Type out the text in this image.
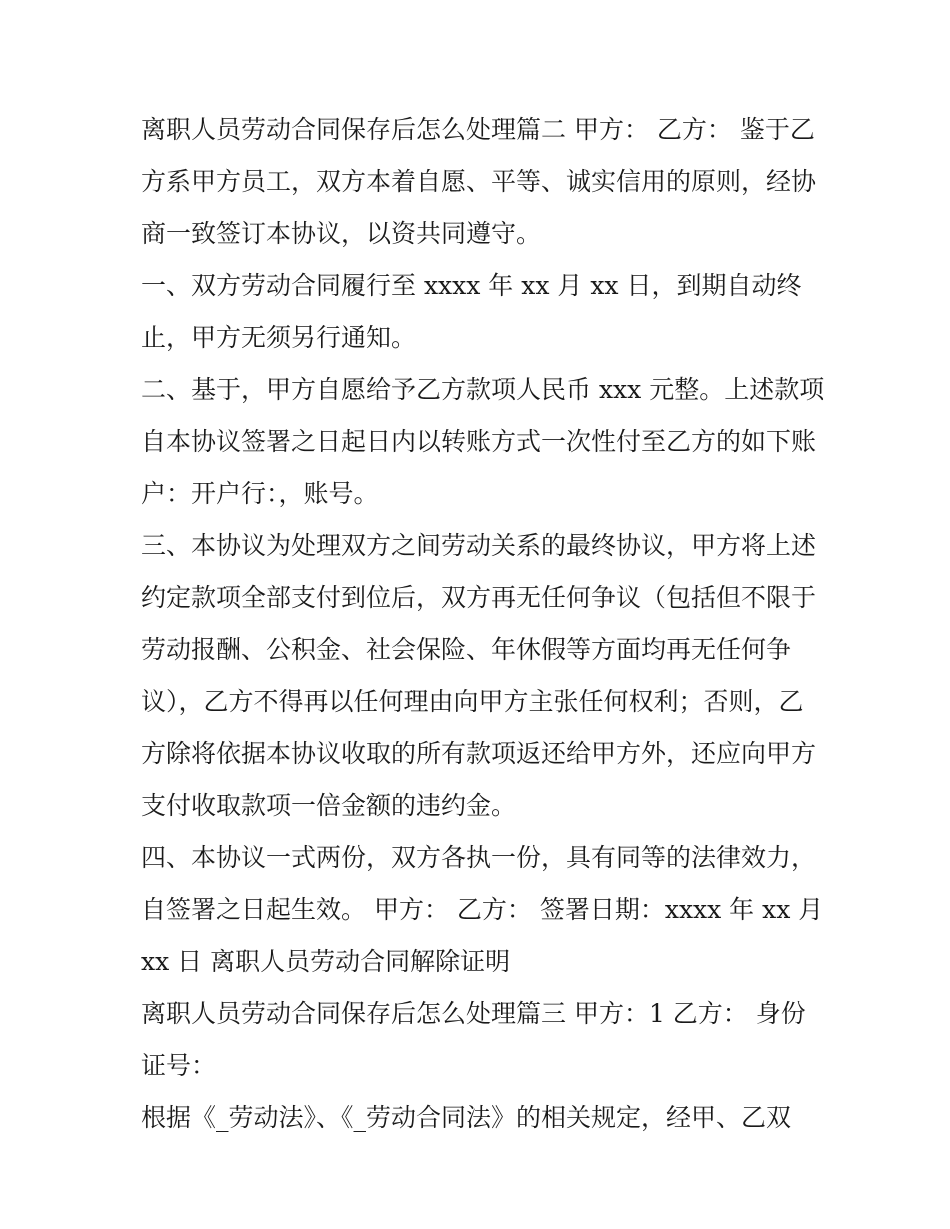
离职人员劳动合同保存后怎么处理篇二 甲方： 乙方： 鉴于乙
方系甲方员工，双方本着自愿、平等、诚实信用的原则，经协
商一致签订本协议，以资共同遵守。
一、双方劳动合同履行至 xxxx 年 xx 月 xx 日，到期自动终
止，甲方无须另行通知。
二、基于，甲方自愿给予乙方款项人民币 xxx 元整。上述款项
自本协议签署之日起日内以转账方式一次性付至乙方的如下账
户：开户行：，账号。
三、本协议为处理双方之间劳动关系的最终协议，甲方将上述
约定款项全部支付到位后，双方再无任何争议（包括但不限于
劳动报酬、公积金、社会保险、年休假等方面均再无任何争
议），乙方不得再以任何理由向甲方主张任何权利；否则，乙
方除将依据本协议收取的所有款项返还给甲方外，还应向甲方
支付收取款项一倍金额的违约金。
四、本协议一式两份，双方各执一份，具有同等的法律效力，
自签署之日起生效。 甲方： 乙方： 签署日期：xxxx 年 xx 月
xx 日 离职人员劳动合同解除证明
离职人员劳动合同保存后怎么处理篇三 甲方：1 乙方： 身份
证号：
根据《_劳动法》、《_劳动合同法》的相关规定，经甲、乙双
